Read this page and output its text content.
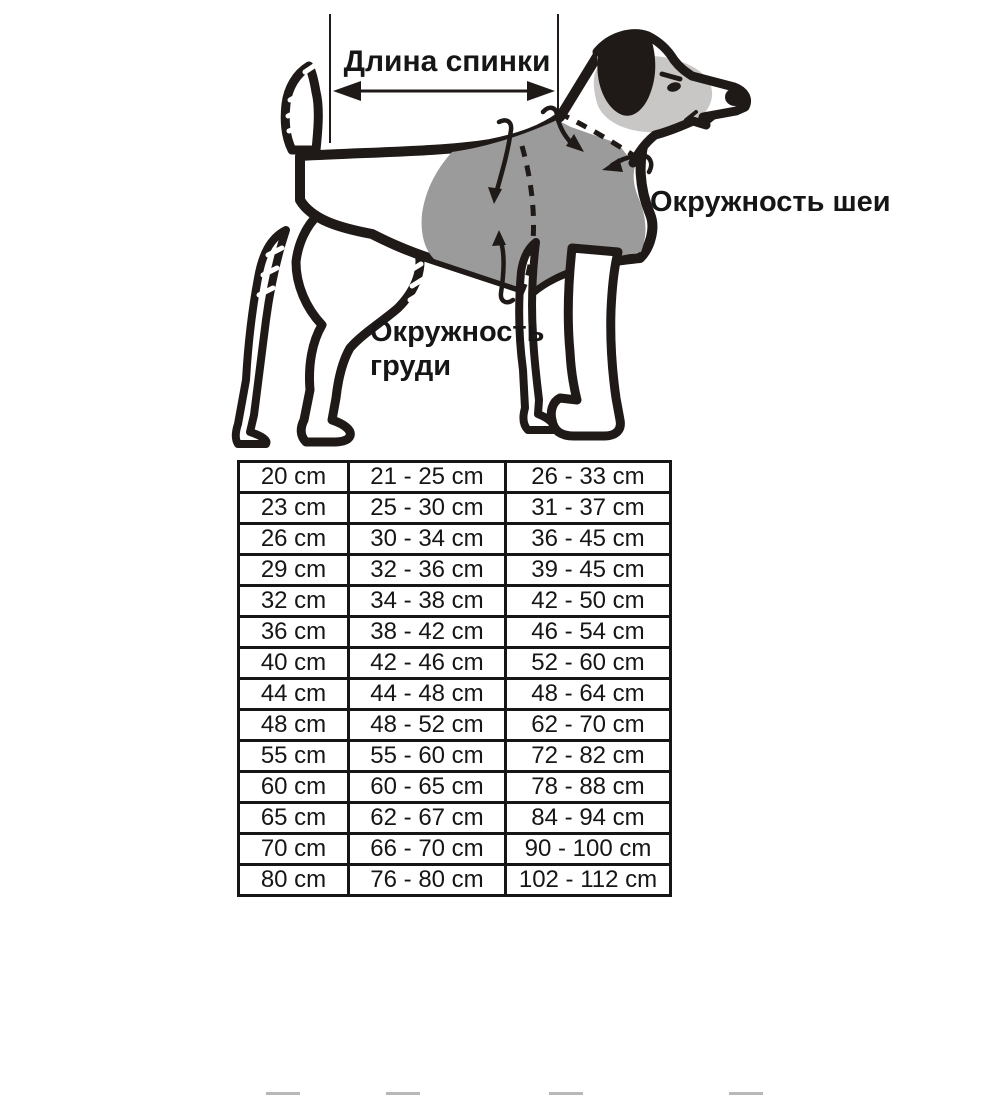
Длина спинки
Окружность шеи
Окружность
груди
20 cm	21 - 25 cm	26 - 33 cm
23 cm	25 - 30 cm	31 - 37 cm
26 cm	30 - 34 cm	36 - 45 cm
29 cm	32 - 36 cm	39 - 45 cm
32 cm	34 - 38 cm	42 - 50 cm
36 cm	38 - 42 cm	46 - 54 cm
40 cm	42 - 46 cm	52 - 60 cm
44 cm	44 - 48 cm	48 - 64 cm
48 cm	48 - 52 cm	62 - 70 cm
55 cm	55 - 60 cm	72 - 82 cm
60 cm	60 - 65 cm	78 - 88 cm
65 cm	62 - 67 cm	84 - 94 cm
70 cm	66 - 70 cm	90 - 100 cm
80 cm	76 - 80 cm	102 - 112 cm
